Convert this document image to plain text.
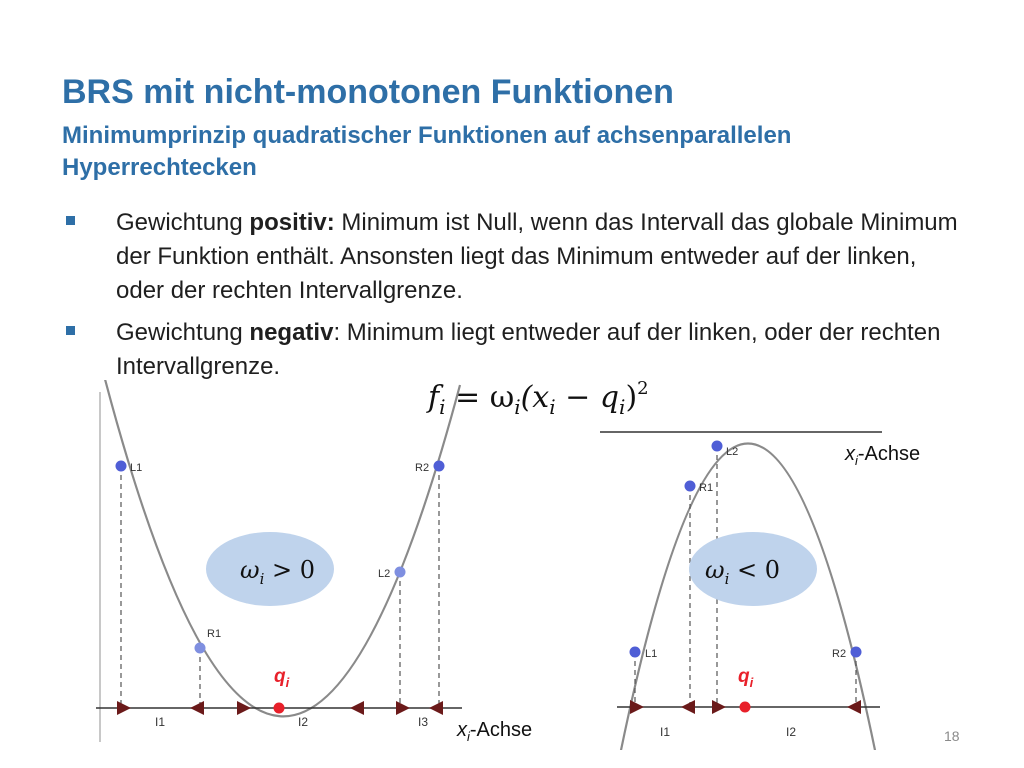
BRS mit nicht-monotonen Funktionen

Minimumprinzip quadratischer Funktionen auf achsenparallelen Hyperrechtecken

Gewichtung positiv: Minimum ist Null, wenn das Intervall das globale Minimum der Funktion enthält. Ansonsten liegt das Minimum entweder auf der linken, oder der rechten Intervallgrenze.
Gewichtung negativ: Minimum liegt entweder auf der linken, oder der rechten Intervallgrenze.
$f_i = \omega_i(x_i - q_i)^2$
L1
R1
L2
R2
$q_i$
I1	I2	I3
$\omega_i > 0$
$x_i$-Achse
L1
R1
L2
R2
$q_i$
I1	I2
$\omega_i < 0$
$x_i$-Achse
18
